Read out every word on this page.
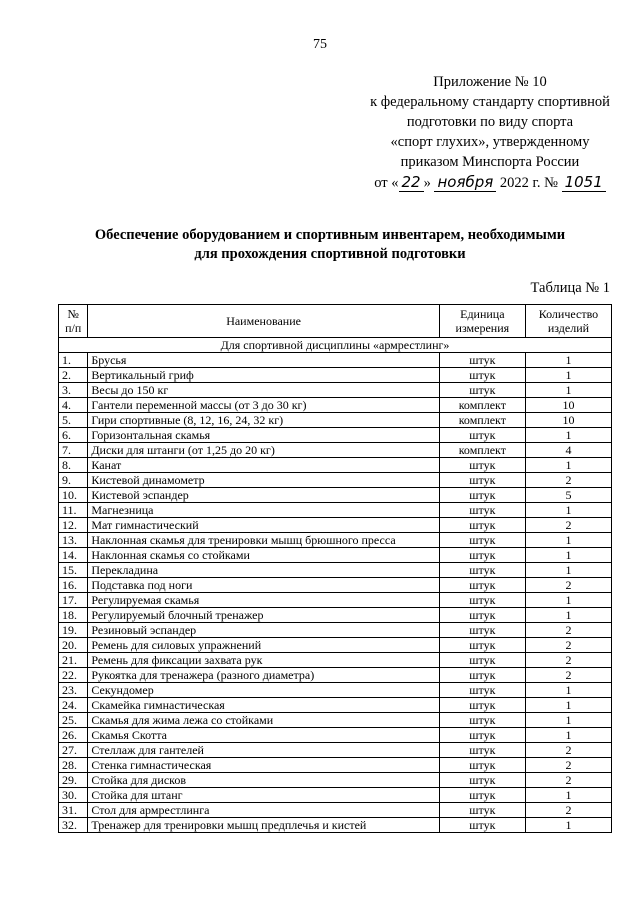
75
Приложение № 10
к федеральному стандарту спортивной
подготовки по виду спорта
«спорт глухих», утвержденному
приказом Минспорта России
от « 22 » ноября 2022 г. № 1051
Обеспечение оборудованием и спортивным инвентарем, необходимыми
для прохождения спортивной подготовки
Таблица № 1
№ п/п	Наименование	Единица измерения	Количество изделий
Для спортивной дисциплины «армрестлинг»			
1.	Брусья	штук	1
2.	Вертикальный гриф	штук	1
3.	Весы до 150 кг	штук	1
4.	Гантели переменной массы (от 3 до 30 кг)	комплект	10
5.	Гири спортивные (8, 12, 16, 24, 32 кг)	комплект	10
6.	Горизонтальная скамья	штук	1
7.	Диски для штанги (от 1,25 до 20 кг)	комплект	4
8.	Канат	штук	1
9.	Кистевой динамометр	штук	2
10.	Кистевой эспандер	штук	5
11.	Магнезница	штук	1
12.	Мат гимнастический	штук	2
13.	Наклонная скамья для тренировки мышц брюшного пресса	штук	1
14.	Наклонная скамья со стойками	штук	1
15.	Перекладина	штук	1
16.	Подставка под ноги	штук	2
17.	Регулируемая скамья	штук	1
18.	Регулируемый блочный тренажер	штук	1
19.	Резиновый эспандер	штук	2
20.	Ремень для силовых упражнений	штук	2
21.	Ремень для фиксации захвата рук	штук	2
22.	Рукоятка для тренажера (разного диаметра)	штук	2
23.	Секундомер	штук	1
24.	Скамейка гимнастическая	штук	1
25.	Скамья для жима лежа со стойками	штук	1
26.	Скамья Скотта	штук	1
27.	Стеллаж для гантелей	штук	2
28.	Стенка гимнастическая	штук	2
29.	Стойка для дисков	штук	2
30.	Стойка для штанг	штук	1
31.	Стол для армрестлинга	штук	2
32.	Тренажер для тренировки мышц предплечья и кистей	штук	1
